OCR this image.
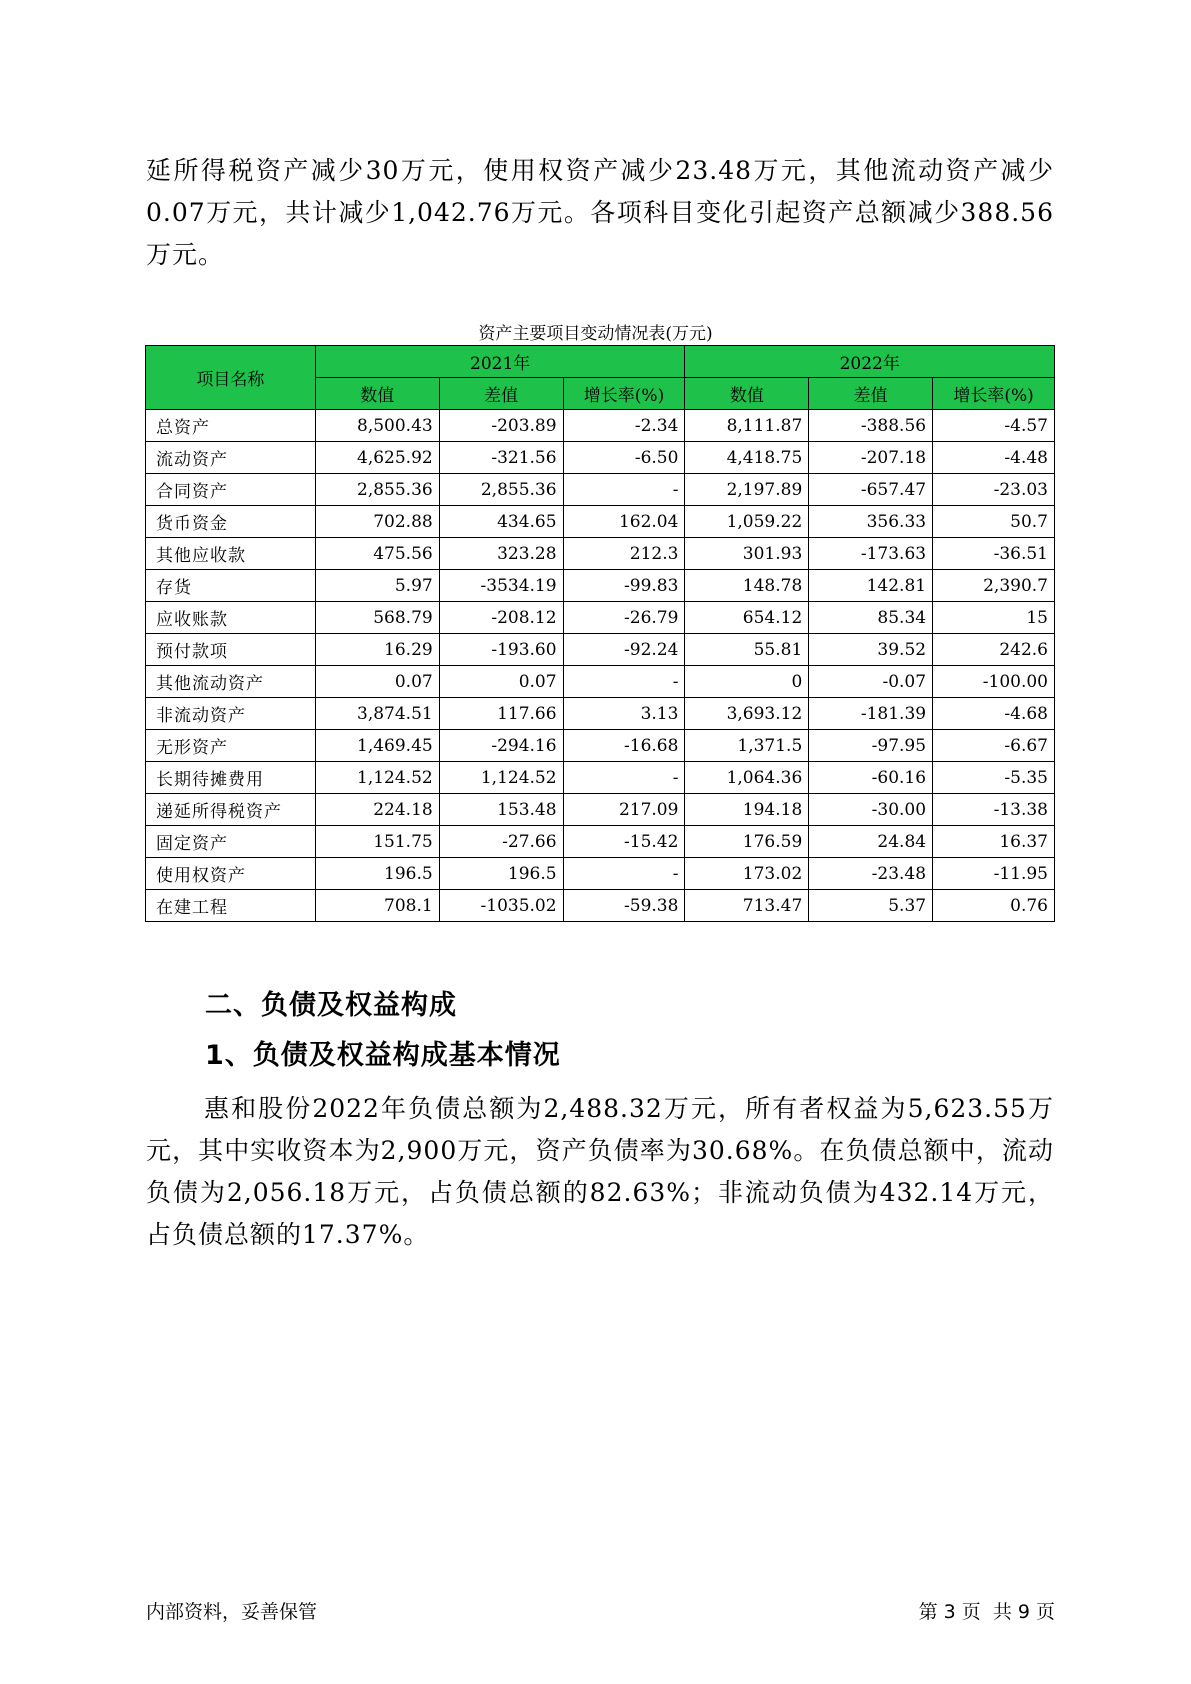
延所得税资产减少30万元，使用权资产减少23.48万元，其他流动资产减少0.07万元，共计减少1,042.76万元。各项科目变化引起资产总额减少388.56万元。

资产主要项目变动情况表(万元)
项目名称	2021年			2022年		
	数值	差值	增长率(%)	数值	差值	增长率(%)
总资产	8,500.43	-203.89	-2.34	8,111.87	-388.56	-4.57
流动资产	4,625.92	-321.56	-6.50	4,418.75	-207.18	-4.48
合同资产	2,855.36	2,855.36	-	2,197.89	-657.47	-23.03
货币资金	702.88	434.65	162.04	1,059.22	356.33	50.7
其他应收款	475.56	323.28	212.3	301.93	-173.63	-36.51
存货	5.97	-3534.19	-99.83	148.78	142.81	2,390.7
应收账款	568.79	-208.12	-26.79	654.12	85.34	15
预付款项	16.29	-193.60	-92.24	55.81	39.52	242.6
其他流动资产	0.07	0.07	-	0	-0.07	-100.00
非流动资产	3,874.51	117.66	3.13	3,693.12	-181.39	-4.68
无形资产	1,469.45	-294.16	-16.68	1,371.5	-97.95	-6.67
长期待摊费用	1,124.52	1,124.52	-	1,064.36	-60.16	-5.35
递延所得税资产	224.18	153.48	217.09	194.18	-30.00	-13.38
固定资产	151.75	-27.66	-15.42	176.59	24.84	16.37
使用权资产	196.5	196.5	-	173.02	-23.48	-11.95
在建工程	708.1	-1035.02	-59.38	713.47	5.37	0.76
二、负债及权益构成
1、负债及权益构成基本情况

惠和股份2022年负债总额为2,488.32万元，所有者权益为5,623.55万元，其中实收资本为2,900万元，资产负债率为30.68%。在负债总额中，流动负债为2,056.18万元，占负债总额的82.63%；非流动负债为432.14万元，占负债总额的17.37%。

内部资料，妥善保管	第 3 页  共 9 页
